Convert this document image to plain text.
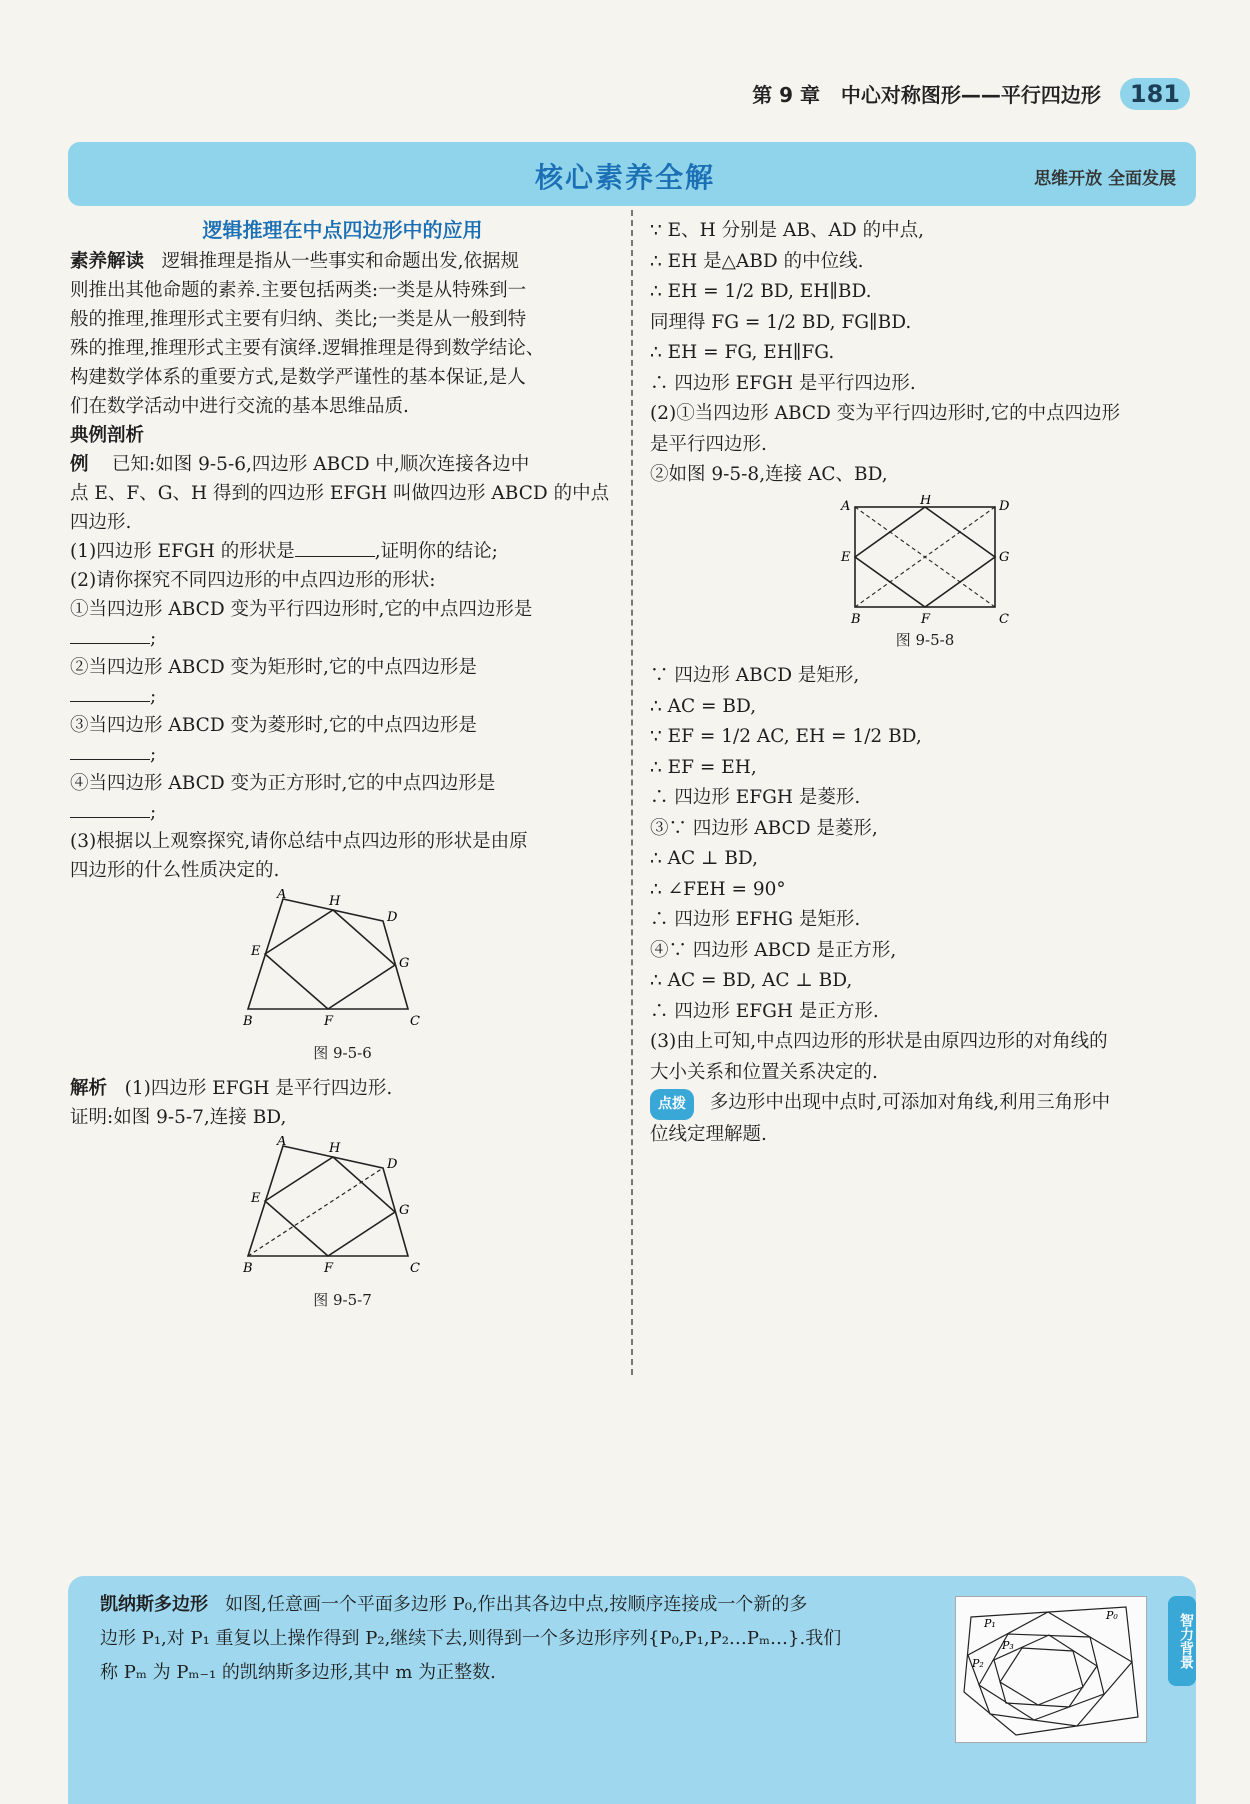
第 9 章 中心对称图形——平行四边形 181
核心素养全解	思维开放 全面发展
逻辑推理在中点四边形中的应用
素养解读 逻辑推理是指从一些事实和命题出发,依据规
则推出其他命题的素养.主要包括两类:一类是从特殊到一
般的推理,推理形式主要有归纳、类比;一类是从一般到特
殊的推理,推理形式主要有演绎.逻辑推理是得到数学结论、
构建数学体系的重要方式,是数学严谨性的基本保证,是人
们在数学活动中进行交流的基本思维品质.
典例剖析
例 已知:如图 9-5-6,四边形 ABCD 中,顺次连接各边中
点 E、F、G、H 得到的四边形 EFGH 叫做四边形 ABCD 的中点
四边形.
(1)四边形 EFGH 的形状是	,证明你的结论;
(2)请你探究不同四边形的中点四边形的形状:
①当四边形 ABCD 变为平行四边形时,它的中点四边形是
;
②当四边形 ABCD 变为矩形时,它的中点四边形是
;
③当四边形 ABCD 变为菱形时,它的中点四边形是
;
④当四边形 ABCD 变为正方形时,它的中点四边形是
;
(3)根据以上观察探究,请你总结中点四边形的形状是由原
四边形的什么性质决定的.
A	H
D
E
G
B	F	C
图 9-5-6
解析 (1)四边形 EFGH 是平行四边形.
证明:如图 9-5-7,连接 BD,
A	H
D
E
G
B	F	C
图 9-5-7
∵ E、H 分别是 AB、AD 的中点,
∴ EH 是△ABD 的中位线.
∴ EH = 1/2 BD, EH∥BD.
同理得 FG = 1/2 BD, FG∥BD.
∴ EH = FG, EH∥FG.
∴ 四边形 EFGH 是平行四边形.
(2)①当四边形 ABCD 变为平行四边形时,它的中点四边形
是平行四边形.
②如图 9-5-8,连接 AC、BD,
A	H	D
E	G
B	F	C
图 9-5-8
∵ 四边形 ABCD 是矩形,
∴ AC = BD,
∵ EF = 1/2 AC, EH = 1/2 BD,
∴ EF = EH,
∴ 四边形 EFGH 是菱形.
③∵ 四边形 ABCD 是菱形,
∴ AC ⊥ BD,
∴ ∠FEH = 90°
∴ 四边形 EFHG 是矩形.
④∵ 四边形 ABCD 是正方形,
∴ AC = BD, AC ⊥ BD,
∴ 四边形 EFGH 是正方形.
(3)由上可知,中点四边形的形状是由原四边形的对角线的
大小关系和位置关系决定的.
点拨 多边形中出现中点时,可添加对角线,利用三角形中
位线定理解题.
凯纳斯多边形 如图,任意画一个平面多边形 P₀,作出其各边中点,按顺序连接成一个新的多
边形 P₁,对 P₁ 重复以上操作得到 P₂,继续下去,则得到一个多边形序列{P₀,P₁,P₂…Pₘ…}.我们
称 Pₘ 为 Pₘ₋₁ 的凯纳斯多边形,其中 m 为正整数.
P₁
P₀
P₂
P₃	智力背景
